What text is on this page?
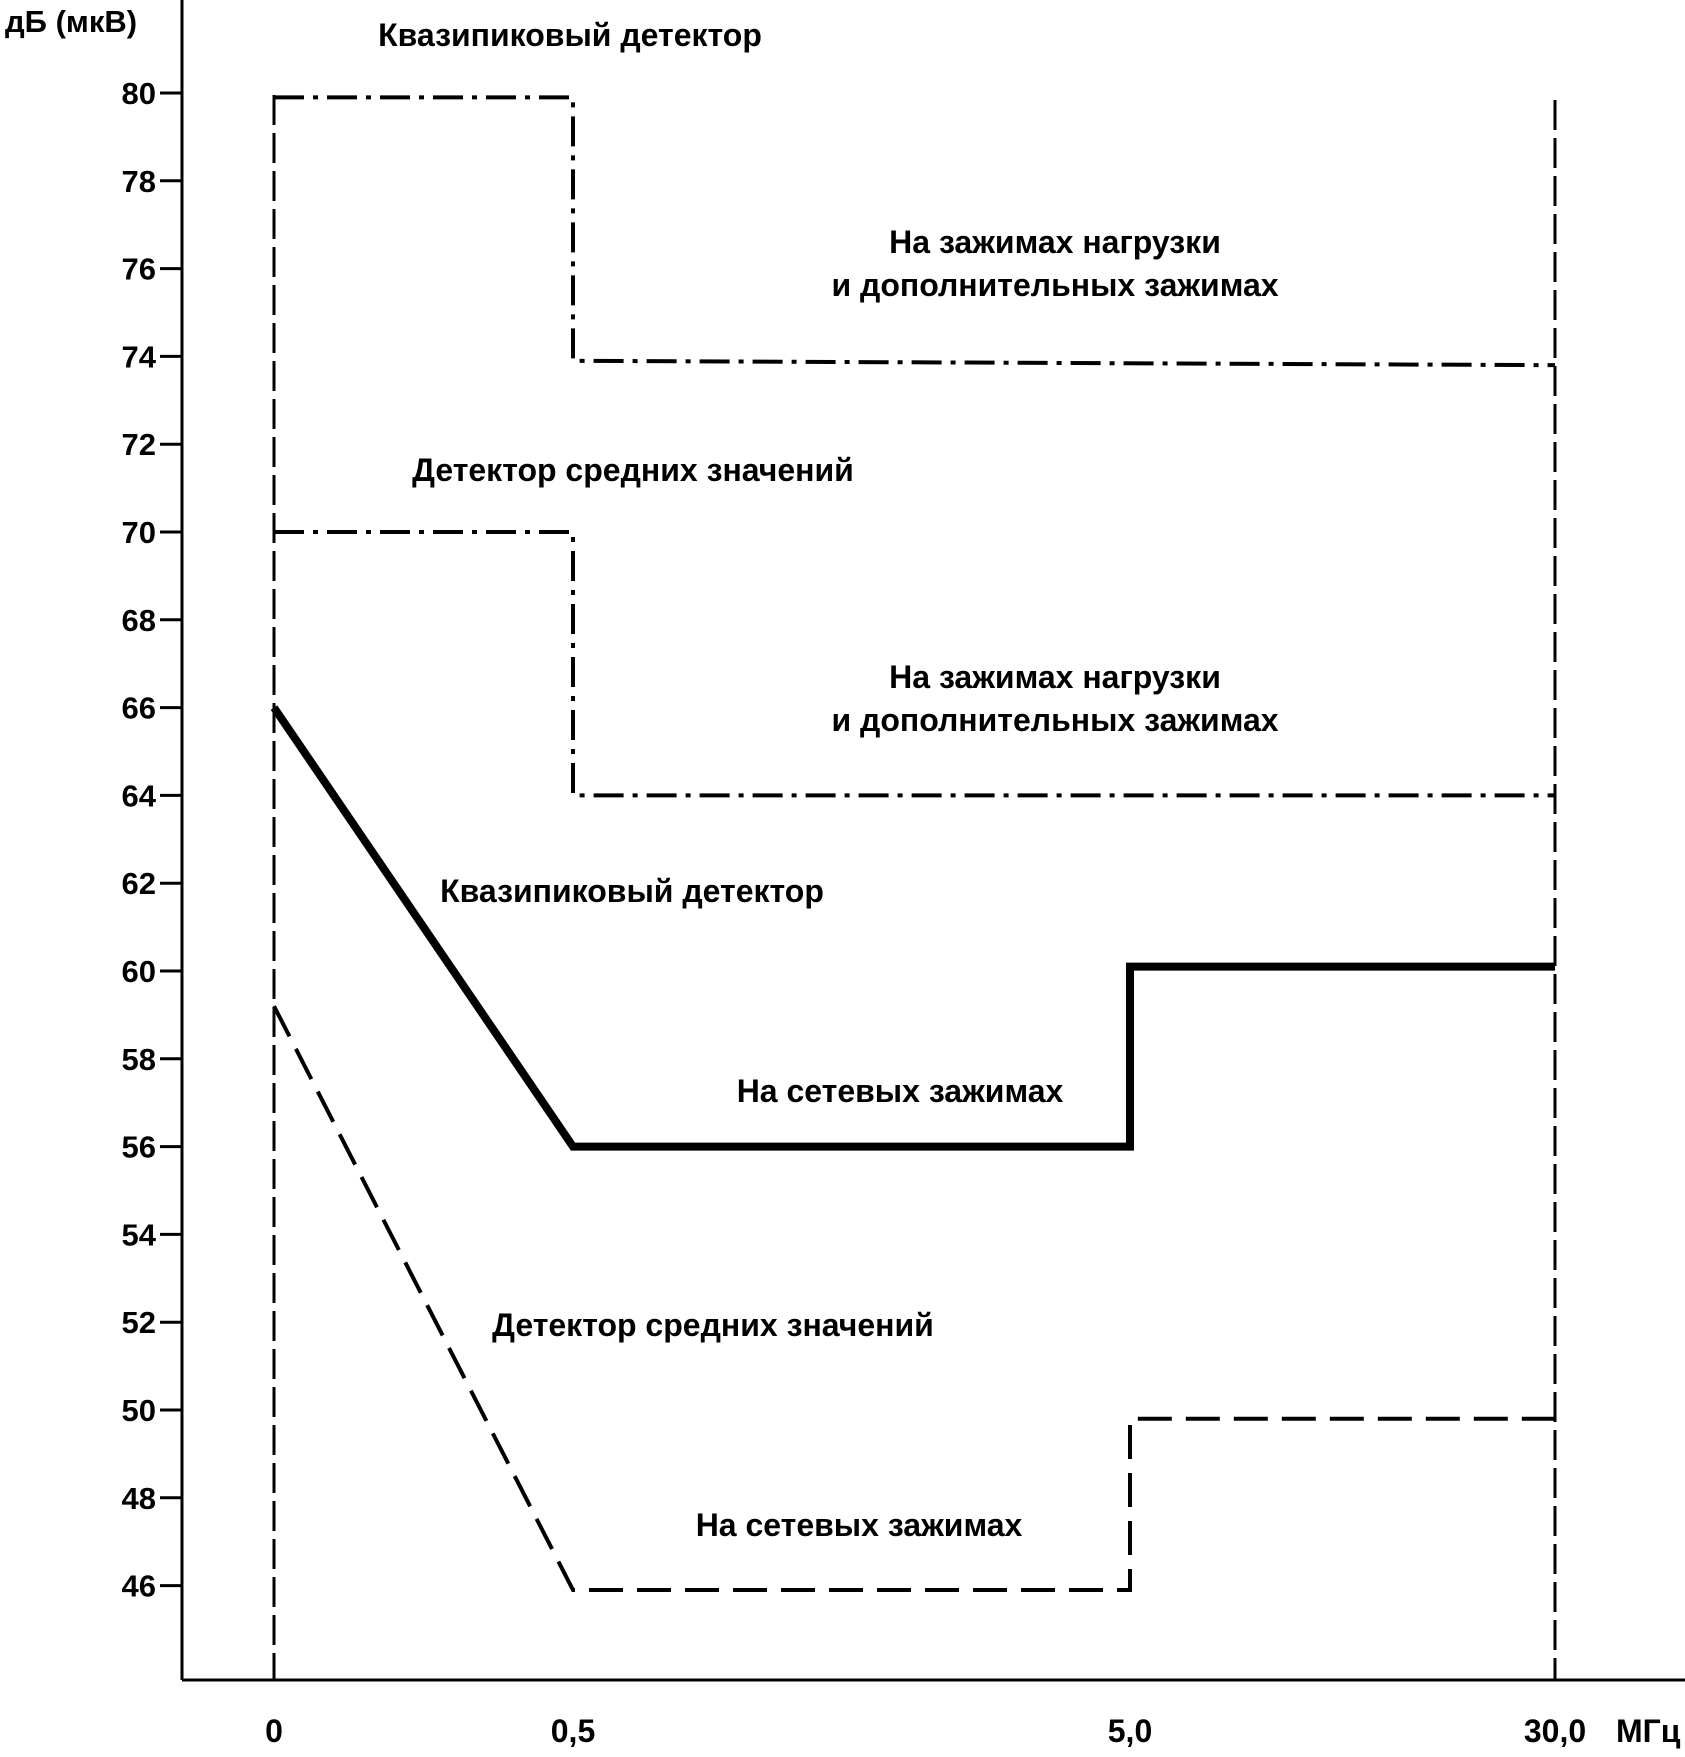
46
48
50
52
54
56
58
60
62
64
66
68
70
72
74
76
78
80
0	0,5	5,0	30,0
Квазипиковый детектор
На зажимах нагрузки
и дополнительных зажимах
Детектор средних значений
На зажимах нагрузки
и дополнительных зажимах
Квазипиковый детектор
На сетевых зажимах
Детектор средних значений
На сетевых зажимах
дБ (мкВ)
МГц
